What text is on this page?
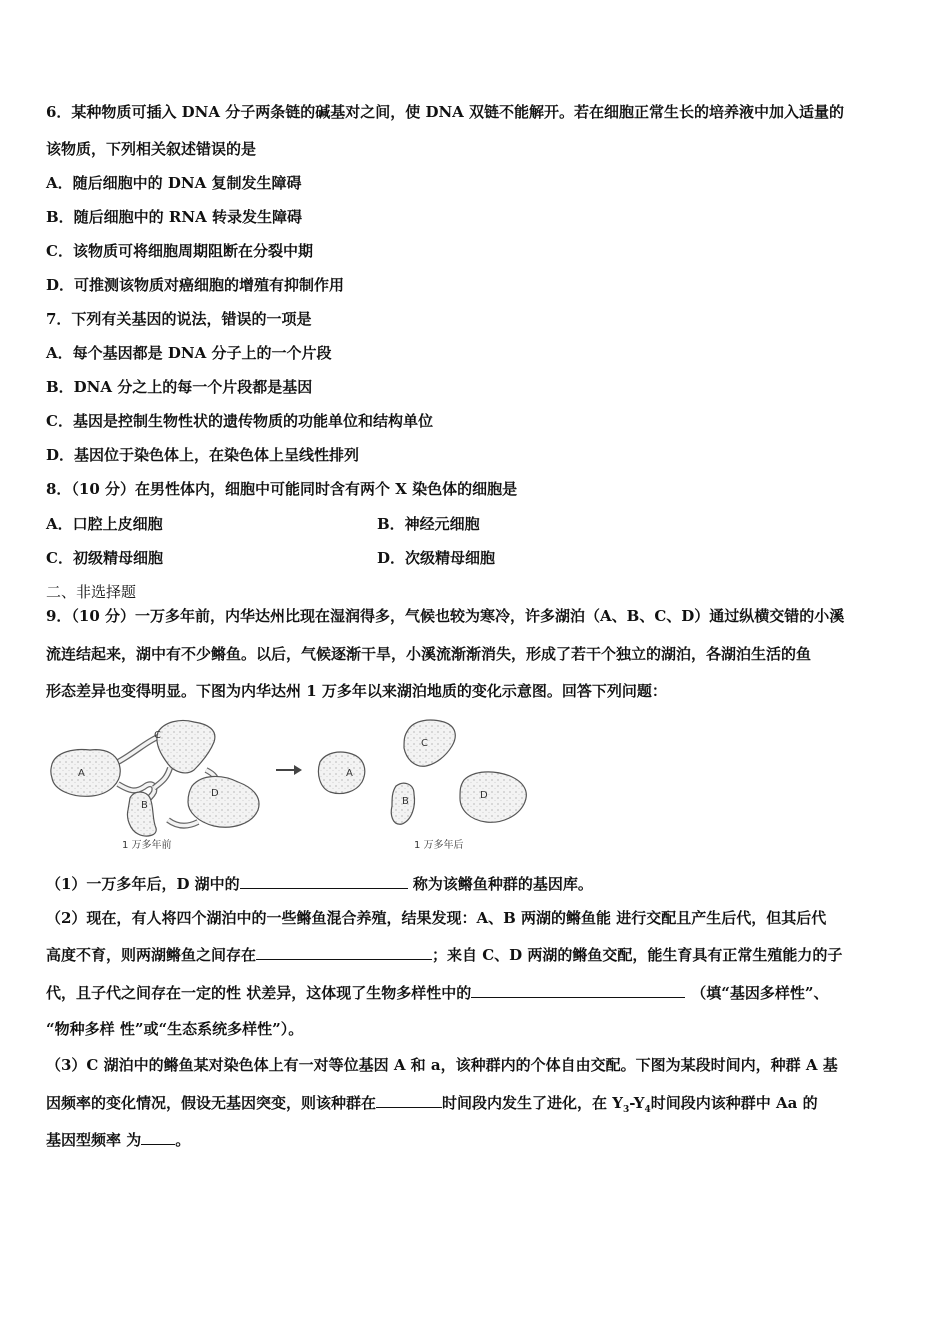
6．某种物质可插入 DNA 分子两条链的碱基对之间，使 DNA 双链不能解开。若在细胞正常生长的培养液中加入适量的
该物质，下列相关叙述错误的是
A．随后细胞中的 DNA 复制发生障碍
B．随后细胞中的 RNA 转录发生障碍
C．该物质可将细胞周期阻断在分裂中期
D．可推测该物质对癌细胞的增殖有抑制作用
7．下列有关基因的说法，错误的一项是
A．每个基因都是 DNA 分子上的一个片段
B．DNA 分之上的每一个片段都是基因
C．基因是控制生物性状的遗传物质的功能单位和结构单位
D．基因位于染色体上，在染色体上呈线性排列
8．（10 分）在男性体内，细胞中可能同时含有两个 X 染色体的细胞是
A．口腔上皮细胞	B．神经元细胞
C．初级精母细胞	D．次级精母细胞
二、非选择题
9．（10 分）一万多年前，内华达州比现在湿润得多，气候也较为寒冷，许多湖泊（A、B、C、D）通过纵横交错的小溪
流连结起来，湖中有不少鳉鱼。以后，气候逐渐干旱，小溪流渐渐消失，形成了若干个独立的湖泊，各湖泊生活的鱼
形态差异也变得明显。下图为内华达州 1 万多年以来湖泊地质的变化示意图。回答下列问题：
A
C
B
D
1 万多年前
A
C
B
D
1 万多年后
（1）一万多年后，D 湖中的	称为该鳉鱼种群的基因库。
（2）现在，有人将四个湖泊中的一些鳉鱼混合养殖，结果发现：A、B 两湖的鳉鱼能 进行交配且产生后代，但其后代
高度不育，则两湖鳉鱼之间存在	；来自 C、D 两湖的鳉鱼交配，能生育具有正常生殖能力的子
代，且子代之间存在一定的性 状差异，这体现了生物多样性中的	（填“基因多样性”、
“物种多样 性”或“生态系统多样性”）。
（3）C 湖泊中的鳉鱼某对染色体上有一对等位基因 A 和 a，该种群内的个体自由交配。下图为某段时间内，种群 A 基
因频率的变化情况，假设无基因突变，则该种群在	时间段内发生了进化，在 $Y_3-Y_4$时间段内该种群中 Aa 的
基因型频率 为 。
